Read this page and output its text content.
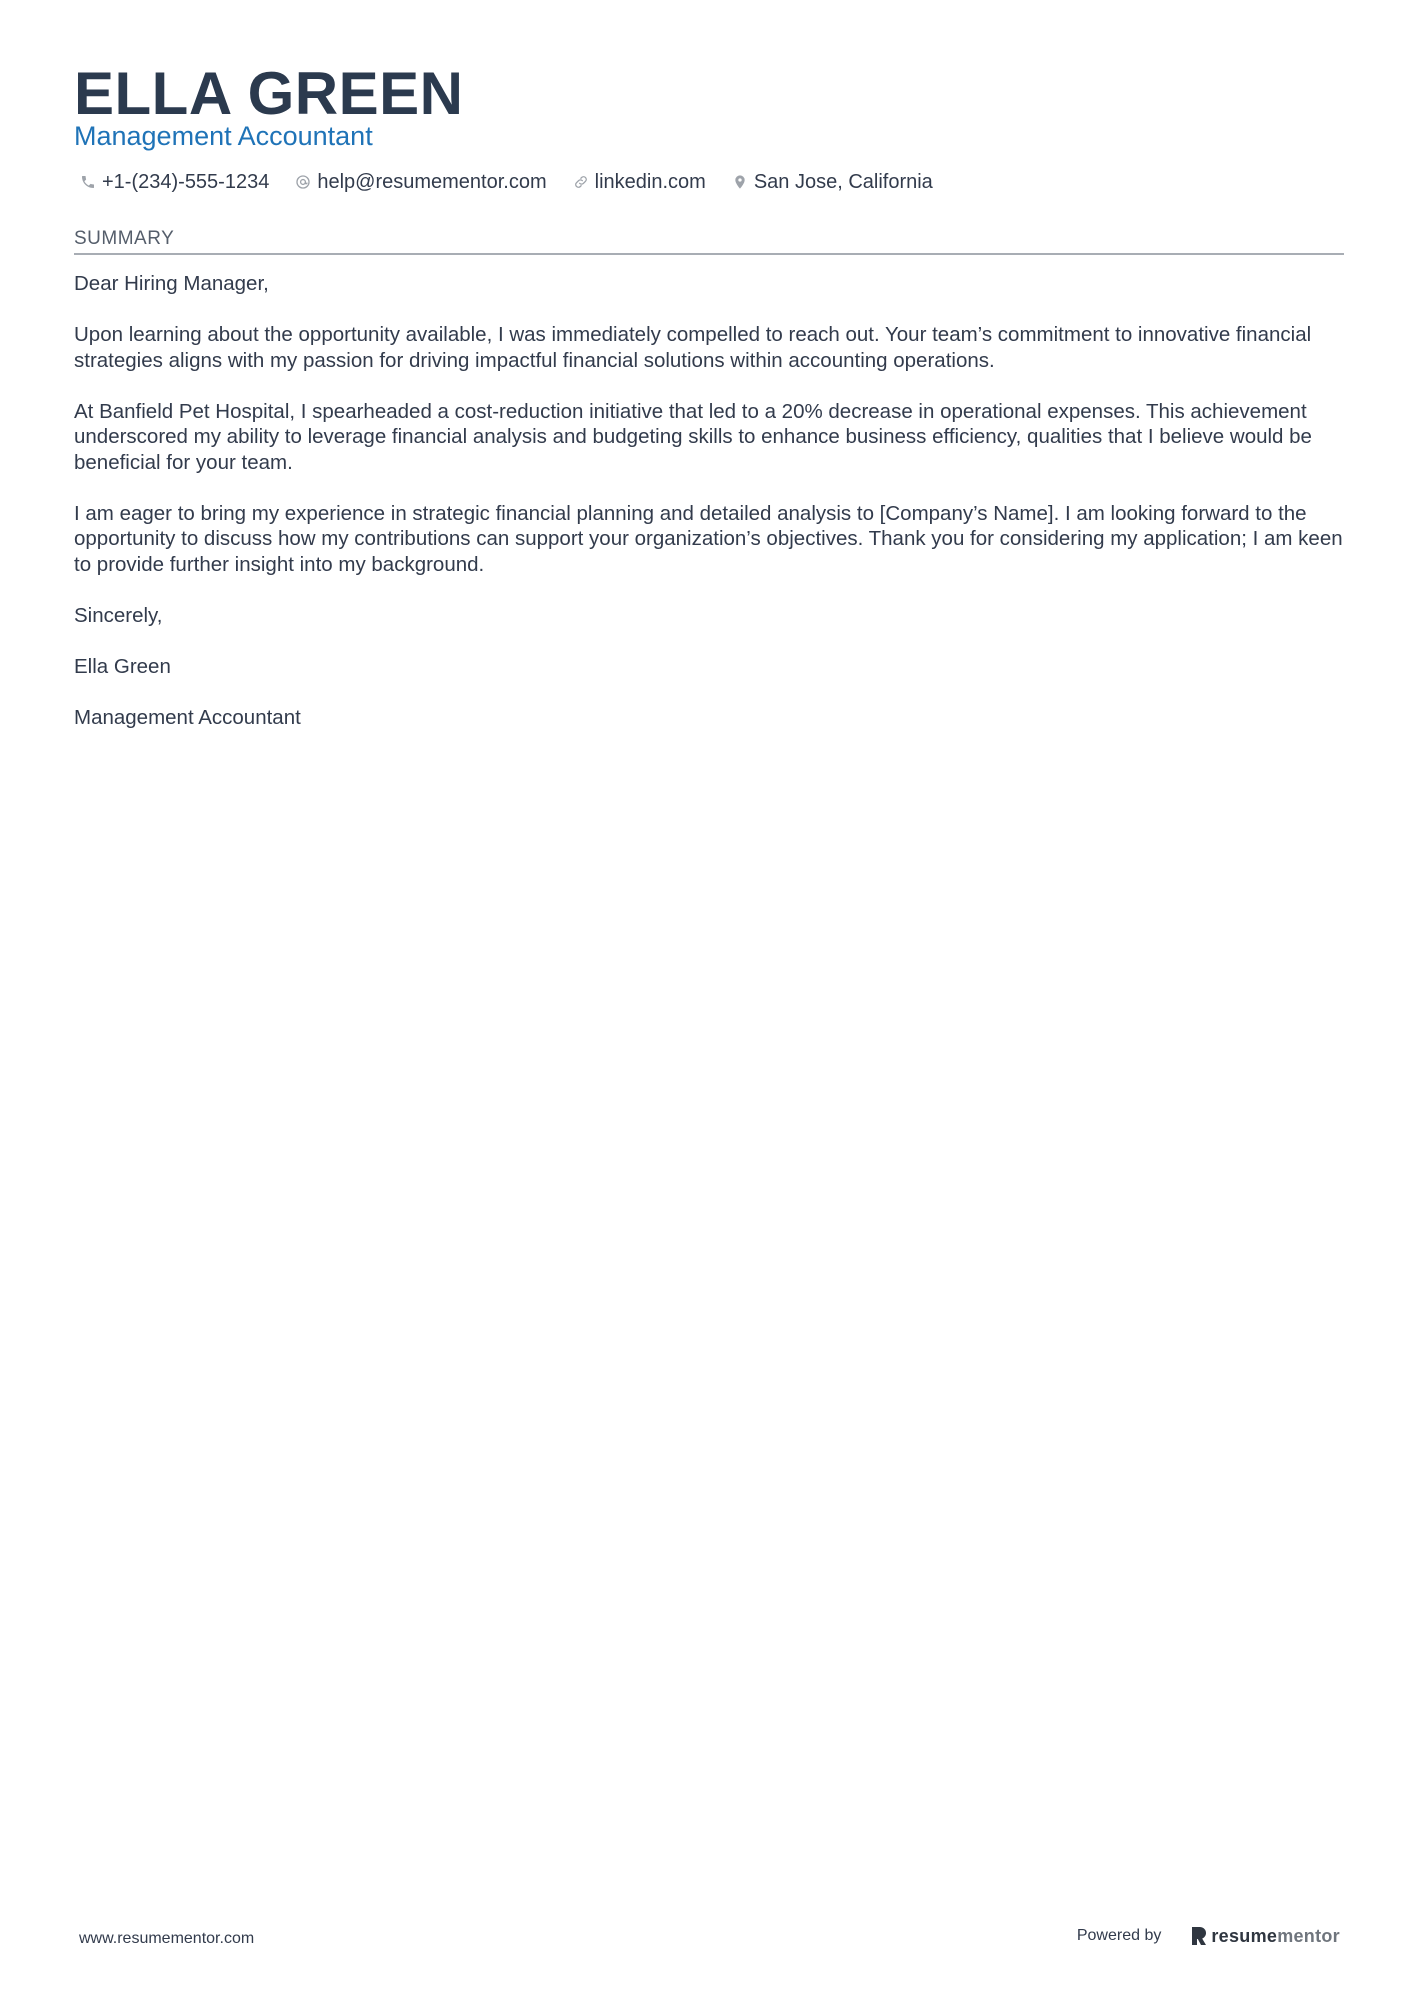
ELLA GREEN
Management Accountant
+1-(234)-555-1234 help@resumementor.com linkedin.com San Jose, California
SUMMARY

Dear Hiring Manager,

Upon learning about the opportunity available, I was immediately compelled to reach out. Your team’s commitment to innovative financial strategies aligns with my passion for driving impactful financial solutions within accounting operations.

At Banfield Pet Hospital, I spearheaded a cost-reduction initiative that led to a 20% decrease in operational expenses. This achievement underscored my ability to leverage financial analysis and budgeting skills to enhance business efficiency, qualities that I believe would be beneficial for your team.

I am eager to bring my experience in strategic financial planning and detailed analysis to [Company’s Name]. I am looking forward to the opportunity to discuss how my contributions can support your organization’s objectives. Thank you for considering my application; I am keen to provide further insight into my background.

Sincerely,

Ella Green

Management Accountant

www.resumementor.com	Powered by	resume mentor
